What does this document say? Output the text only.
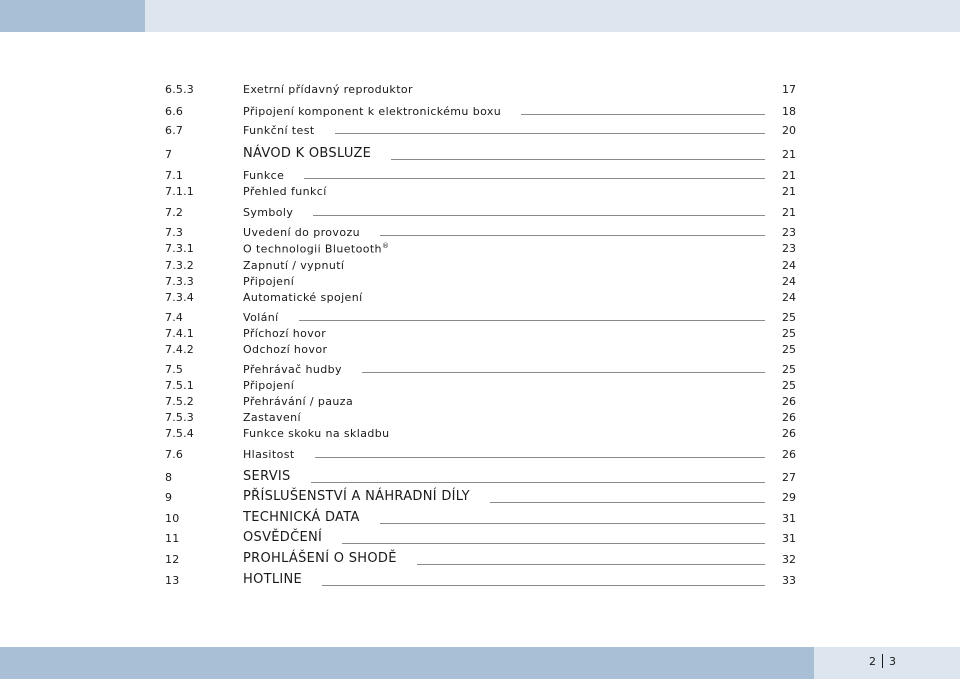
6.5.3	Exetrní přídavný reproduktor	17
6.6	Připojení komponent k elektronickému boxu	18
6.7	Funkční test	20
7	NÁVOD K OBSLUZE	21
7.1	Funkce	21
7.1.1	Přehled funkcí	21
7.2	Symboly	21
7.3	Uvedení do provozu	23
7.3.1	O technologii Bluetooth®	23
7.3.2	Zapnutí / vypnutí	24
7.3.3	Připojení	24
7.3.4	Automatické spojení	24
7.4	Volání	25
7.4.1	Příchozí hovor	25
7.4.2	Odchozí hovor	25
7.5	Přehrávač hudby	25
7.5.1	Připojení	25
7.5.2	Přehrávání / pauza	26
7.5.3	Zastavení	26
7.5.4	Funkce skoku na skladbu	26
7.6	Hlasitost	26
8	SERVIS	27
9	PŘÍSLUŠENSTVÍ A NÁHRADNÍ DÍLY	29
10	TECHNICKÁ DATA	31
11	OSVĚDČENÍ	31
12	PROHLÁŠENÍ O SHODĚ	32
13	HOTLINE	33
2 3
